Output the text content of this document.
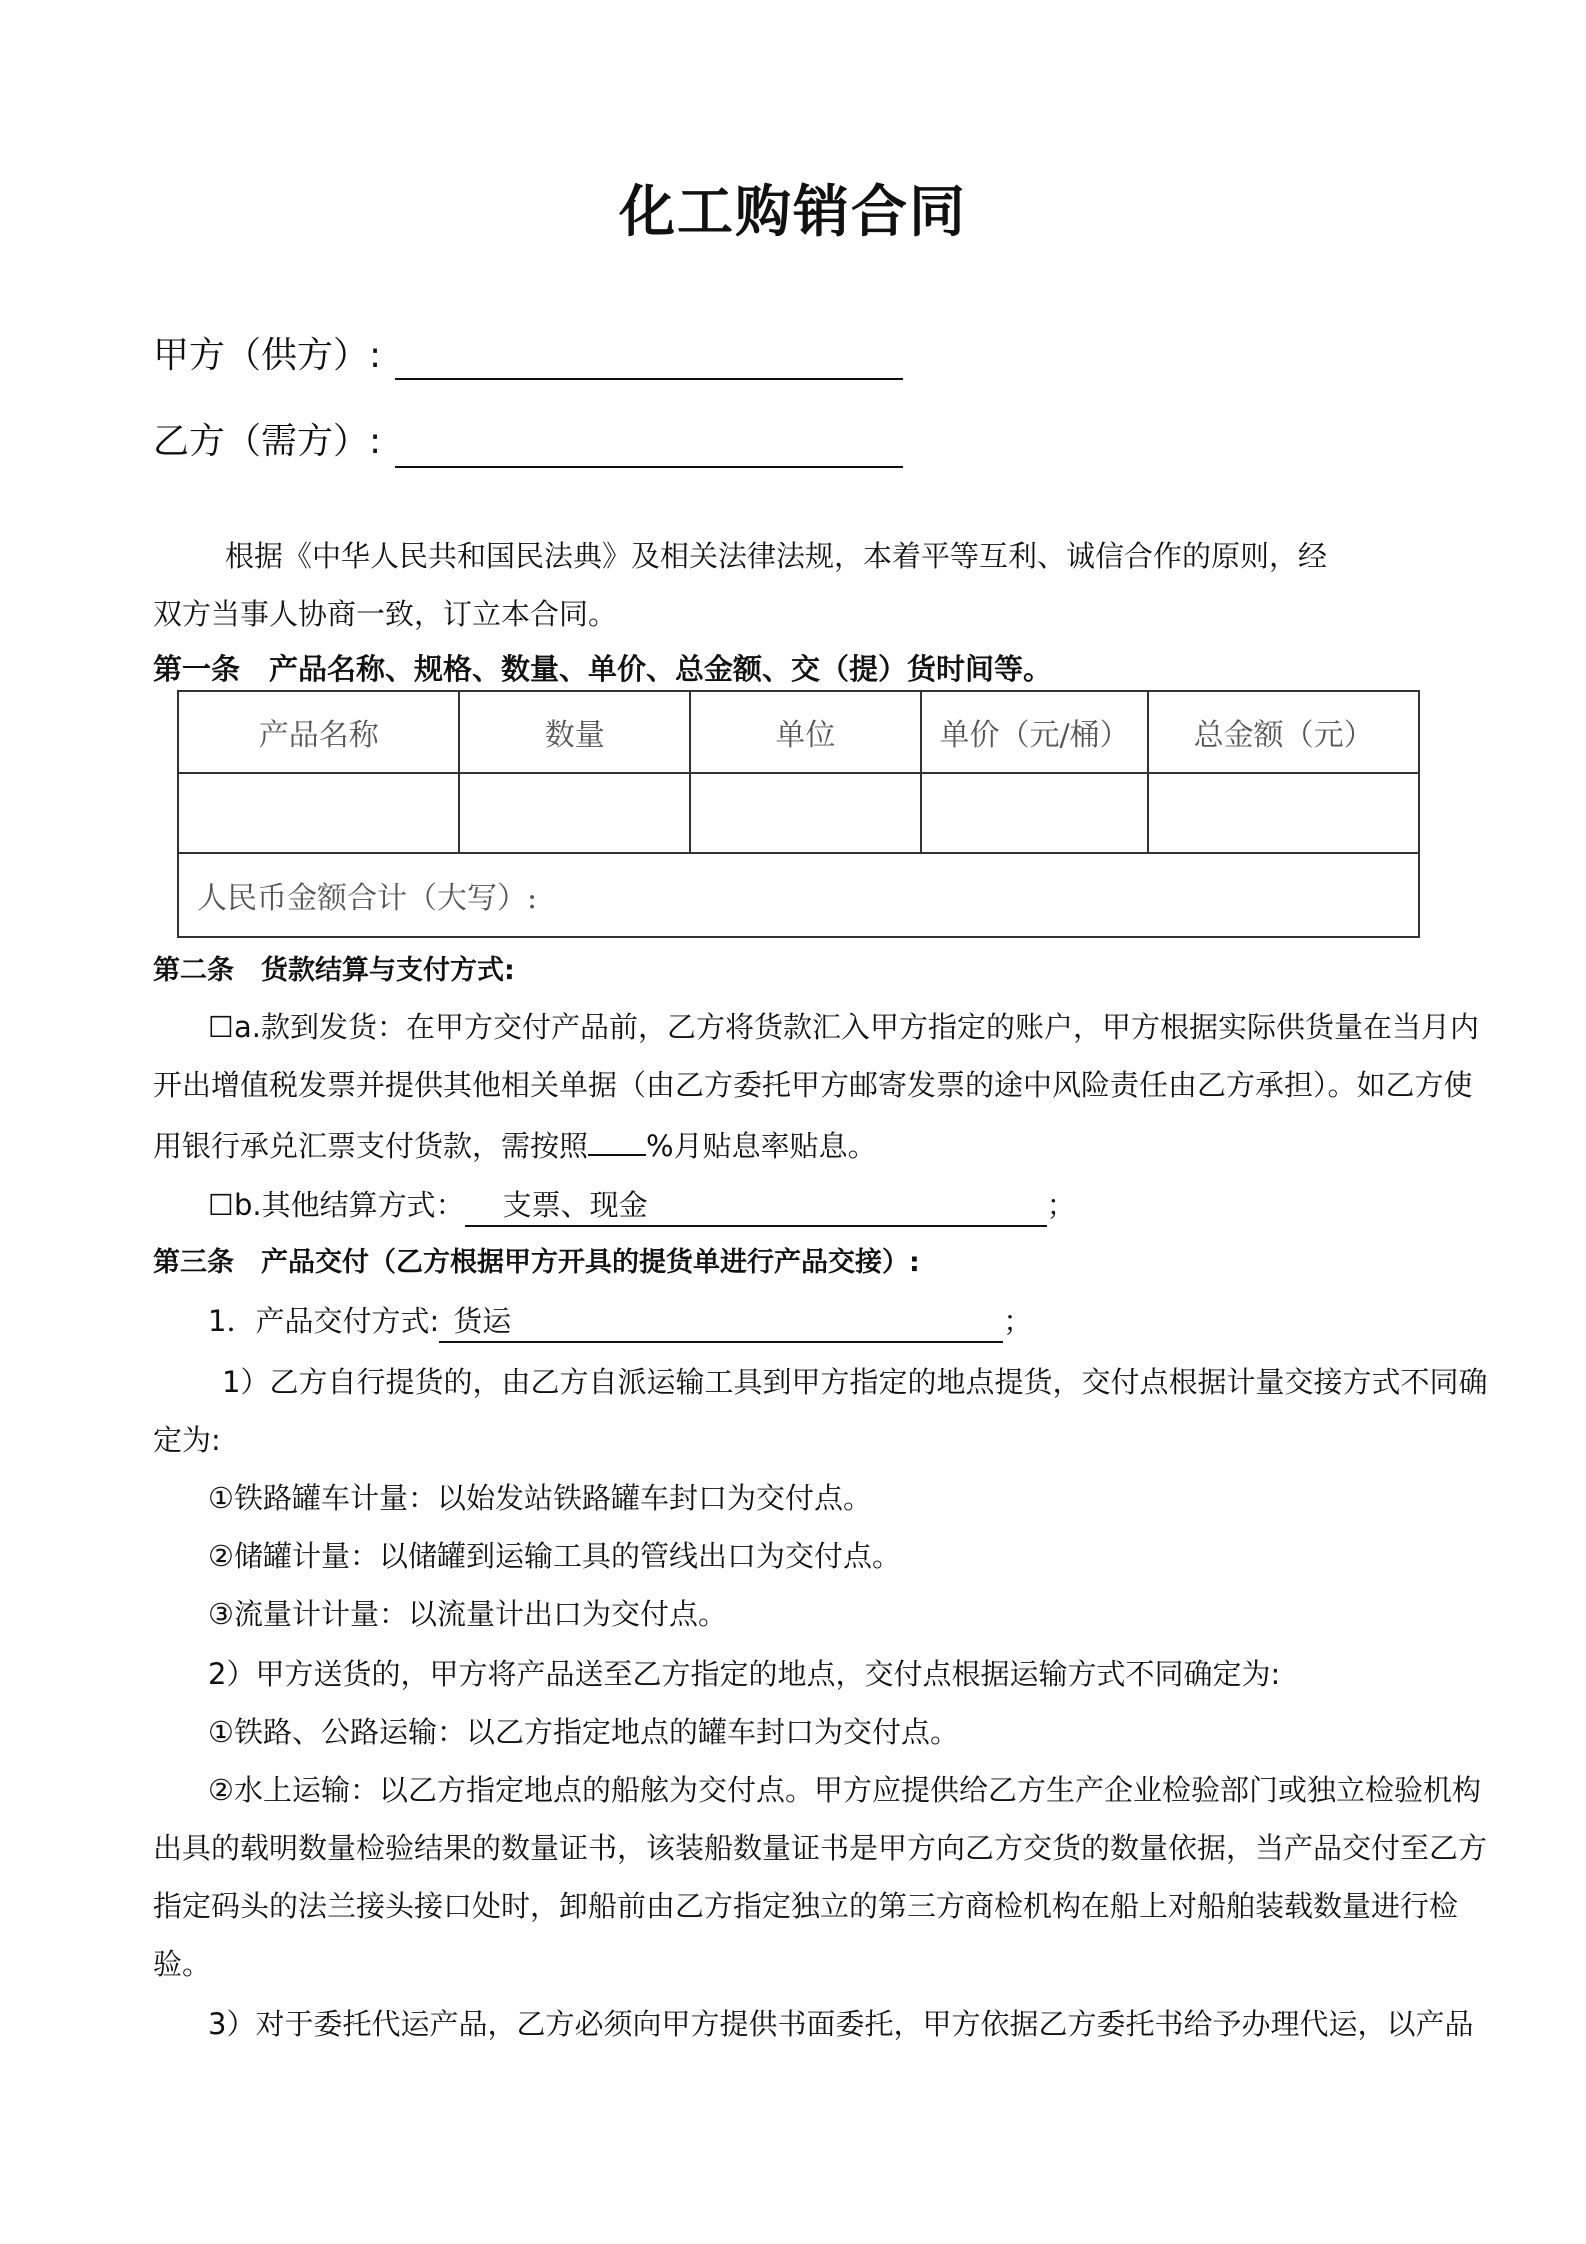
化工购销合同
甲方（供方）:
乙方（需方）:
根据《中华人民共和国民法典》及相关法律法规，本着平等互利、诚信合作的原则，经
双方当事人协商一致，订立本合同。
第一条　产品名称、规格、数量、单价、总金额、交（提）货时间等。
产品名称	数量	单位	单价（元/桶）	总金额（元）

人民币金额合计（大写）:				
第二条　货款结算与支付方式:
☐a.款到发货：在甲方交付产品前，乙方将货款汇入甲方指定的账户，甲方根据实际供货量在当月内
开出增值税发票并提供其他相关单据（由乙方委托甲方邮寄发票的途中风险责任由乙方承担）。如乙方使
用银行承兑汇票支付货款，需按照 %月贴息率贴息。
☐b.其他结算方式： 支票、现金	；
第三条　产品交付（乙方根据甲方开具的提货单进行产品交接）:
1．产品交付方式: 货运	；
1）乙方自行提货的，由乙方自派运输工具到甲方指定的地点提货，交付点根据计量交接方式不同确
定为:
①铁路罐车计量：以始发站铁路罐车封口为交付点。
②储罐计量：以储罐到运输工具的管线出口为交付点。
③流量计计量：以流量计出口为交付点。
2）甲方送货的，甲方将产品送至乙方指定的地点，交付点根据运输方式不同确定为:
①铁路、公路运输：以乙方指定地点的罐车封口为交付点。
②水上运输：以乙方指定地点的船舷为交付点。甲方应提供给乙方生产企业检验部门或独立检验机构
出具的载明数量检验结果的数量证书，该装船数量证书是甲方向乙方交货的数量依据，当产品交付至乙方
指定码头的法兰接头接口处时，卸船前由乙方指定独立的第三方商检机构在船上对船舶装载数量进行检
验。
3）对于委托代运产品，乙方必须向甲方提供书面委托，甲方依据乙方委托书给予办理代运，以产品
